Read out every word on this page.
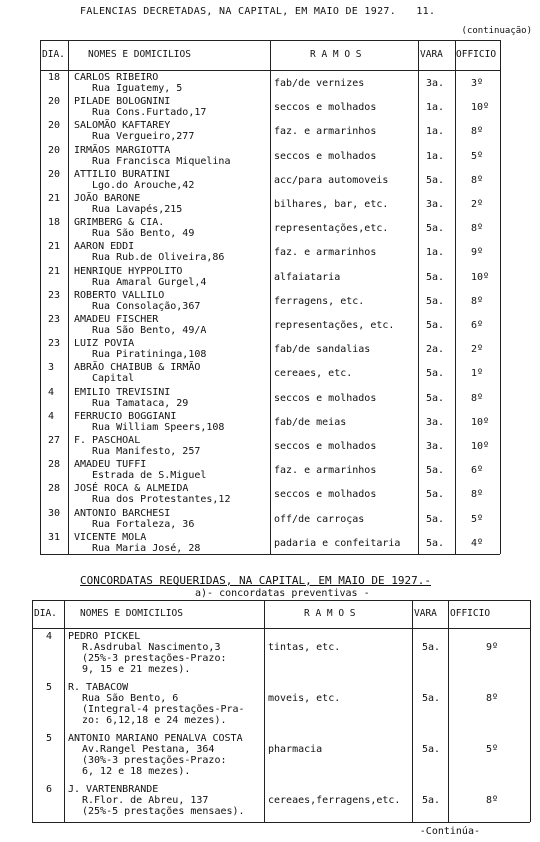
FALENCIAS DECRETADAS, NA CAPITAL, EM MAIO DE 1927. 11.
(continuação)
DIA. NOMES E DOMICILIOS	R A M O S	VARA OFFICIO
18 CARLOS RIBEIRO
Rua Iguatemy, 5	fab/de vernizes	3a.	3º
20 PILADE BOLOGNINI
Rua Cons.Furtado,17	seccos e molhados	1a.	10º
20 SALOMÃO KAFTAREY
Rua Vergueiro,277	faz. e armarinhos	1a.	8º
20 IRMÃOS MARGIOTTA
Rua Francisca Miquelina	seccos e molhados	1a.	5º
20 ATTILIO BURATINI
Lgo.do Arouche,42	acc/para automoveis	5a.	8º
21 JOÃO BARONE
Rua Lavapés,215	bilhares, bar, etc.	3a.	2º
18 GRIMBERG & CIA.
Rua São Bento, 49	representações,etc.	5a.	8º
21 AARON EDDI
Rua Rub.de Oliveira,86	faz. e armarinhos	1a.	9º
21 HENRIQUE HYPPOLITO
Rua Amaral Gurgel,4	alfaiataria	5a.	10º
23 ROBERTO VALLILO
Rua Consolação,367	ferragens, etc.	5a.	8º
23 AMADEU FISCHER
Rua São Bento, 49/A	representações, etc.	5a.	6º
23 LUIZ POVIA
Rua Piratininga,108	fab/de sandalias	2a.	2º
3 ABRÃO CHAIBUB & IRMÃO
Capital	cereaes, etc.	5a.	1º
4 EMILIO TREVISINI
Rua Tamataca, 29	seccos e molhados	5a.	8º
4 FERRUCIO BOGGIANI
Rua William Speers,108	fab/de meias	3a.	10º
27 F. PASCHOAL
Rua Manifesto, 257	seccos e molhados	3a.	10º
28 AMADEU TUFFI
Estrada de S.Miguel	faz. e armarinhos	5a.	6º
28 JOSÉ ROCA & ALMEIDA
Rua dos Protestantes,12	seccos e molhados	5a.	8º
30 ANTONIO BARCHESI
Rua Fortaleza, 36	off/de carroças	5a.	5º
31 VICENTE MOLA
Rua Maria José, 28	padaria e confeitaria	5a.	4º
CONCORDATAS REQUERIDAS, NA CAPITAL, EM MAIO DE 1927.-
a)- concordatas preventivas -
DIA. NOMES E DOMICILIOS	R A M O S	VARA OFFICIO
4 PEDRO PICKEL
R.Asdrubal Nascimento,3
(25%-3 prestações-Prazo:
9, 15 e 21 mezes).
tintas, etc.	5a.	9º
5 R. TABACOW
Rua São Bento, 6
(Integral-4 prestações-Pra-
zo: 6,12,18 e 24 mezes).
moveis, etc.	5a.	8º
5 ANTONIO MARIANO PENALVA COSTA
Av.Rangel Pestana, 364
(30%-3 prestações-Prazo:
6, 12 e 18 mezes).
pharmacia	5a.	5º
6 J. VARTENBRANDE
R.Flor. de Abreu, 137
(25%-5 prestações mensaes).
cereaes,ferragens,etc. 5a.	8º
-Continúa-
